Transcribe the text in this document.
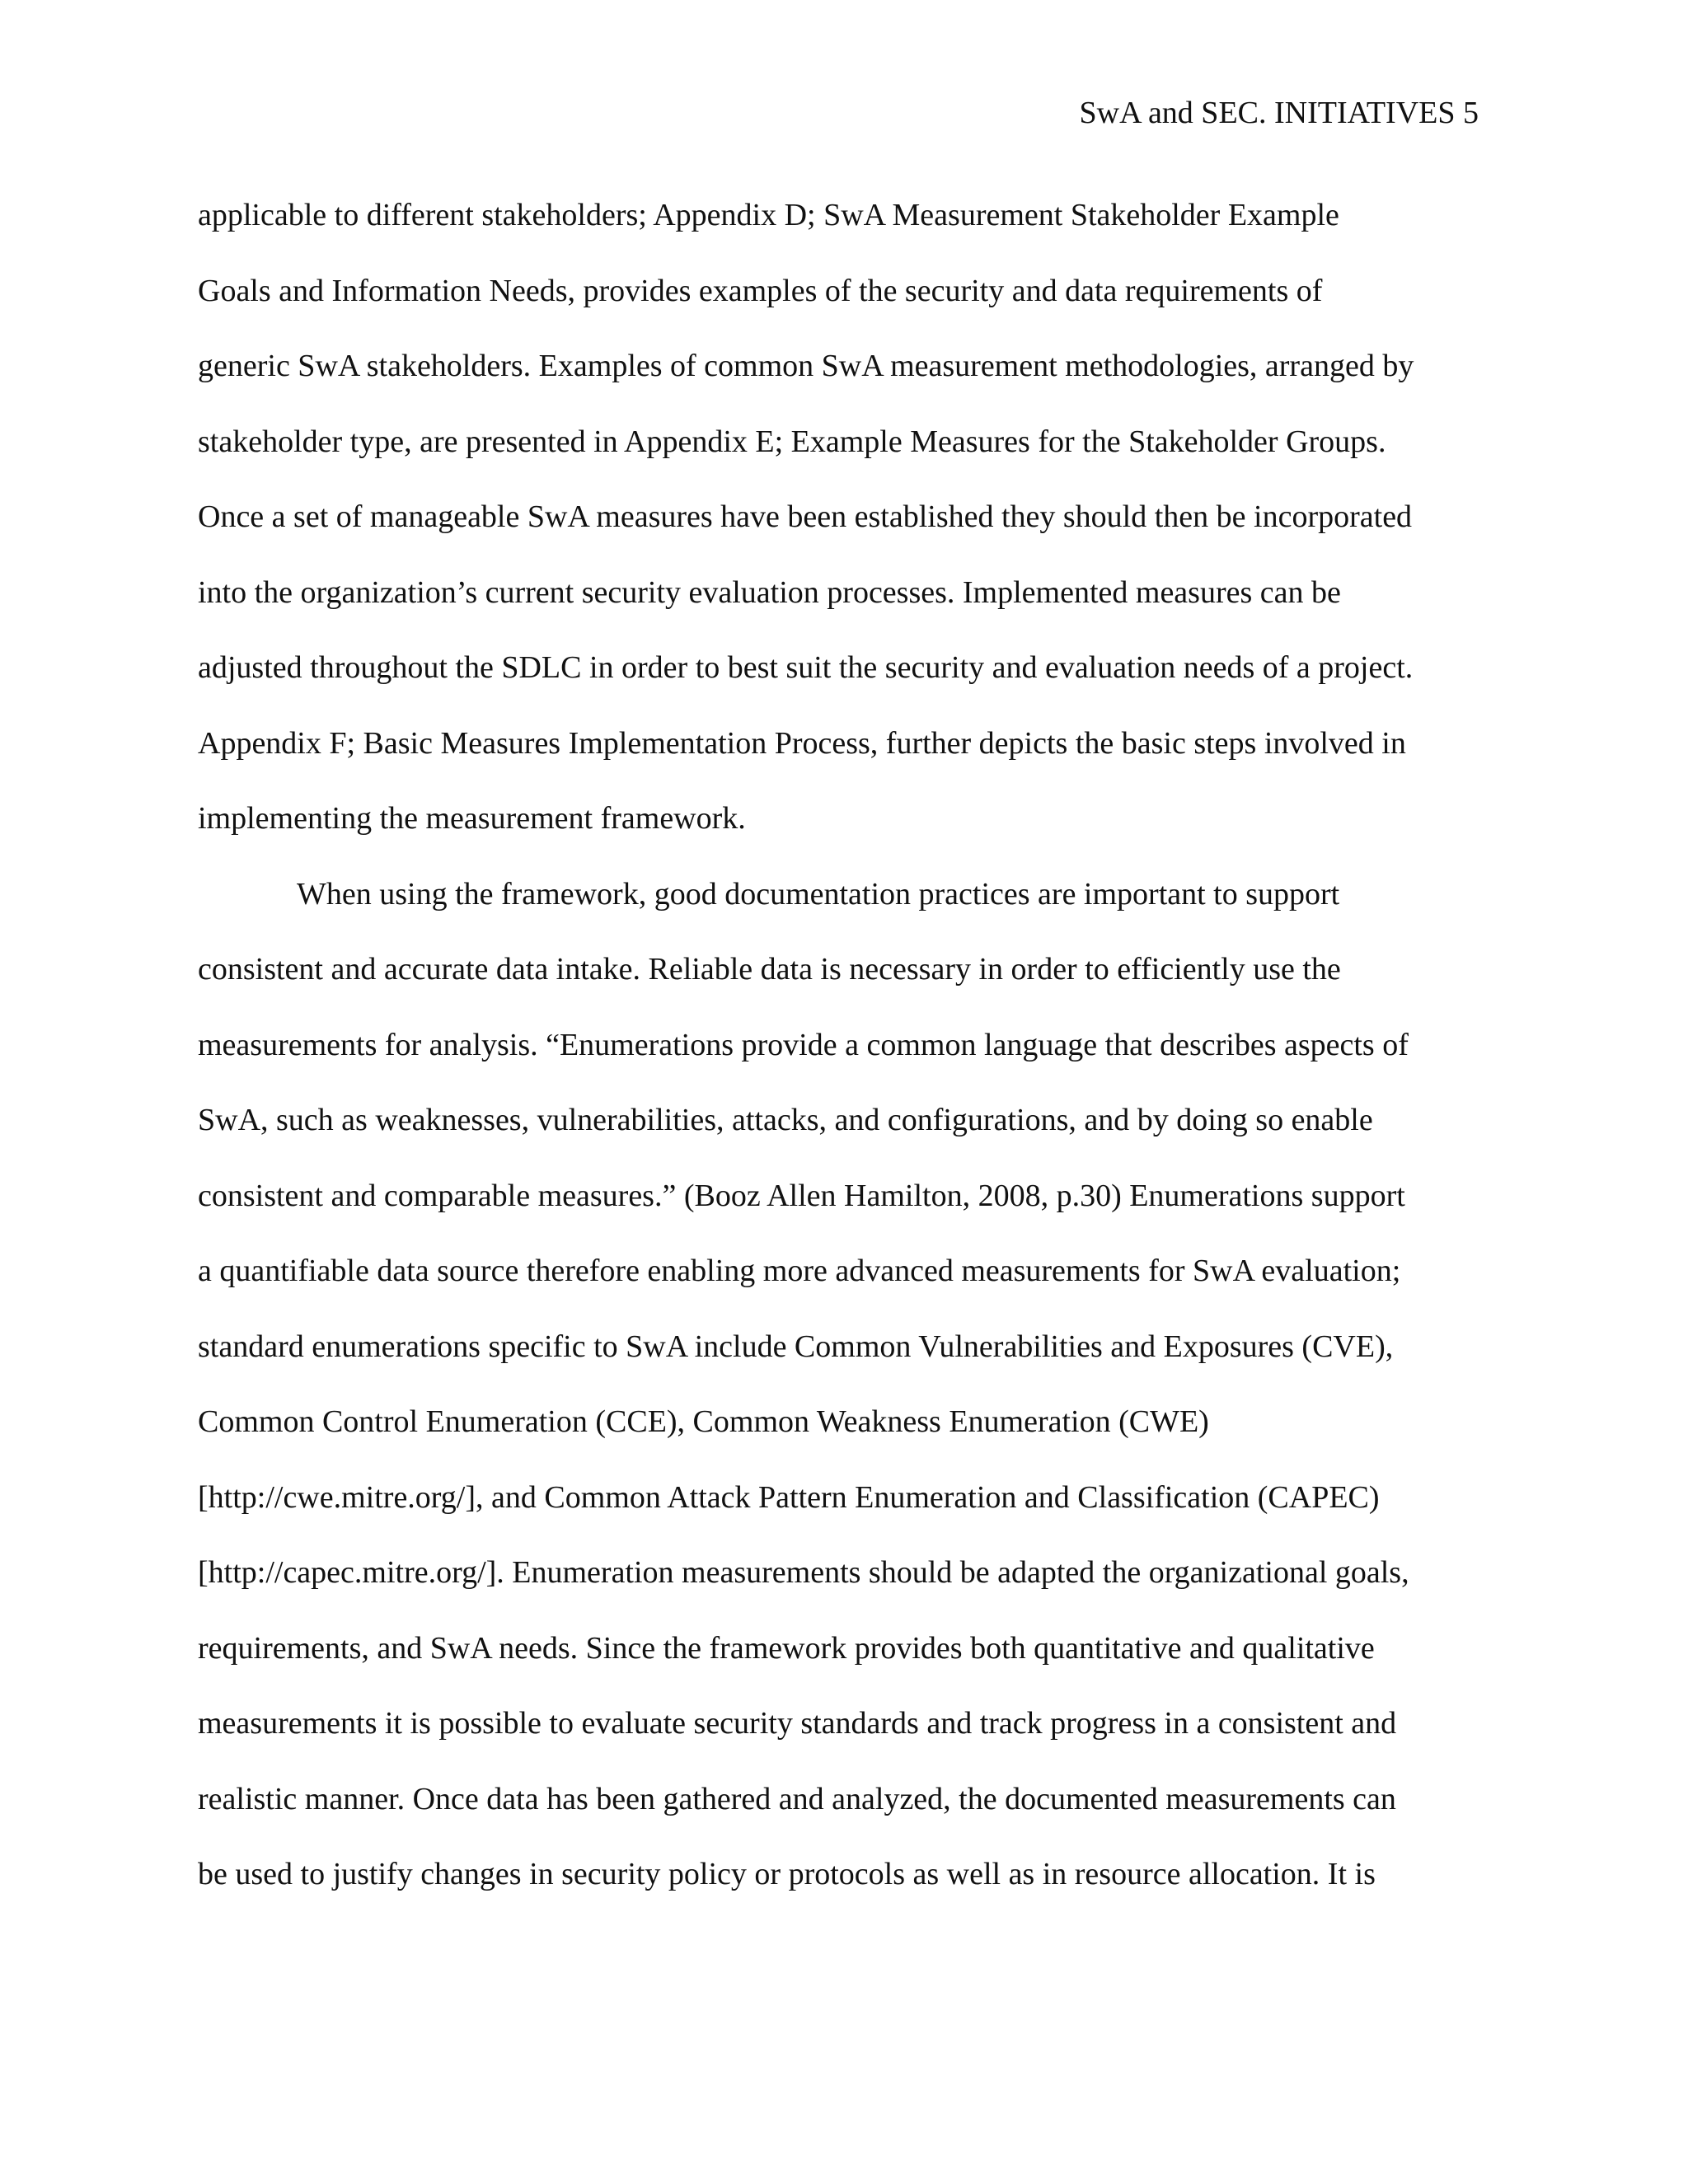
SwA and SEC. INITIATIVES 5
applicable to different stakeholders; Appendix D; SwA Measurement Stakeholder Example
Goals and Information Needs, provides examples of the security and data requirements of
generic SwA stakeholders. Examples of common SwA measurement methodologies, arranged by
stakeholder type, are presented in Appendix E; Example Measures for the Stakeholder Groups.
Once a set of manageable SwA measures have been established they should then be incorporated
into the organization’s current security evaluation processes. Implemented measures can be
adjusted throughout the SDLC in order to best suit the security and evaluation needs of a project.
Appendix F; Basic Measures Implementation Process, further depicts the basic steps involved in
implementing the measurement framework.
When using the framework, good documentation practices are important to support
consistent and accurate data intake. Reliable data is necessary in order to efficiently use the
measurements for analysis. “Enumerations provide a common language that describes aspects of
SwA, such as weaknesses, vulnerabilities, attacks, and configurations, and by doing so enable
consistent and comparable measures.” (Booz Allen Hamilton, 2008, p.30) Enumerations support
a quantifiable data source therefore enabling more advanced measurements for SwA evaluation;
standard enumerations specific to SwA include Common Vulnerabilities and Exposures (CVE),
Common Control Enumeration (CCE), Common Weakness Enumeration (CWE)
[http://cwe.mitre.org/], and Common Attack Pattern Enumeration and Classification (CAPEC)
[http://capec.mitre.org/]. Enumeration measurements should be adapted the organizational goals,
requirements, and SwA needs. Since the framework provides both quantitative and qualitative
measurements it is possible to evaluate security standards and track progress in a consistent and
realistic manner. Once data has been gathered and analyzed, the documented measurements can
be used to justify changes in security policy or protocols as well as in resource allocation. It is
